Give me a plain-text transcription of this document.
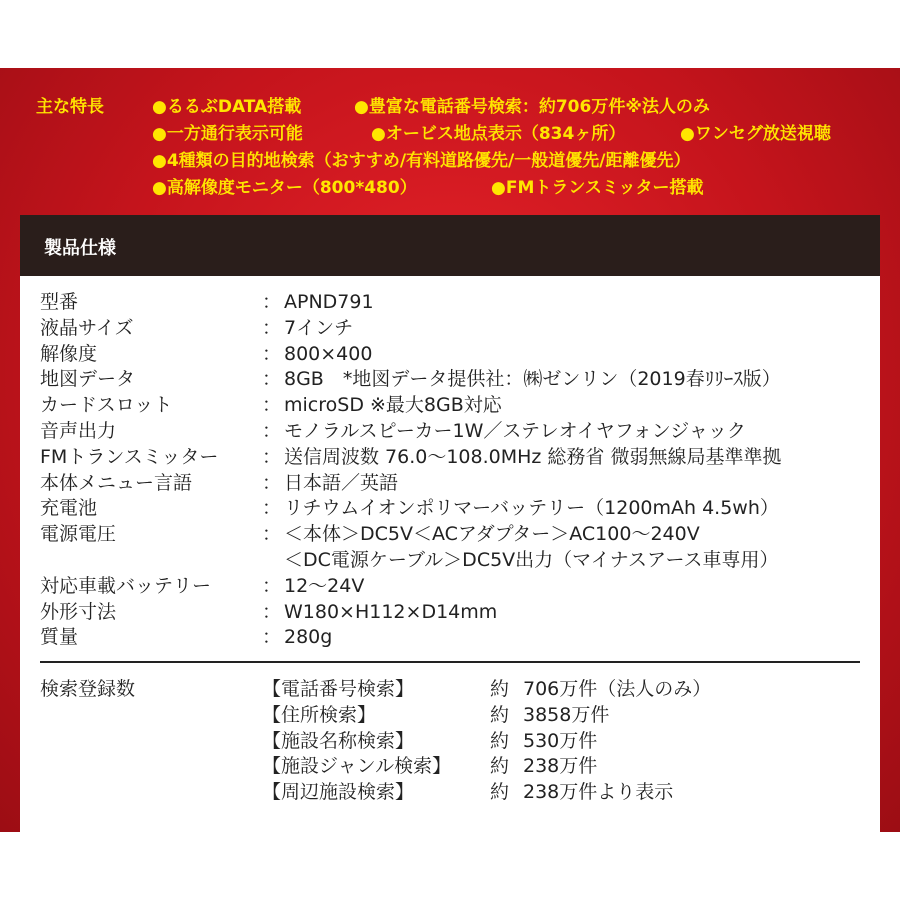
主な特長	●るるぶDATA搭載	●豊富な電話番号検索：約706万件※法人のみ
●一方通行表示可能	●オービス地点表示（834ヶ所）	●ワンセグ放送視聴
●4種類の目的地検索（おすすめ/有料道路優先/一般道優先/距離優先）
●高解像度モニター（800*480）	●FMトランスミッター搭載
製品仕様
型番	： APND791
液晶サイズ	： 7インチ
解像度	： 800×400
地図データ	： 8GB　*地図データ提供社：㈱ゼンリン（2019春ﾘﾘｰｽ版）
カードスロット	： microSD ※最大8GB対応
音声出力	： モノラルスピーカー1W／ステレオイヤフォンジャック
FMトランスミッター ： 送信周波数 76.0～108.0MHz 総務省 微弱無線局基準準拠
本体メニュー言語	： 日本語／英語
充電池	： リチウムイオンポリマーバッテリー（1200mAh 4.5wh）
電源電圧	： ＜本体＞DC5V＜ACアダプター＞AC100～240V
＜DC電源ケーブル＞DC5V出力（マイナスアース車専用）
対応車載バッテリー	： 12～24V
外形寸法	： W180×H112×D14mm
質量	： 280g
検索登録数	【電話番号検索】	約 706万件（法人のみ）
【住所検索】	約 3858万件
【施設名称検索】	約 530万件
【施設ジャンル検索】 約 238万件
【周辺施設検索】	約 238万件より表示
